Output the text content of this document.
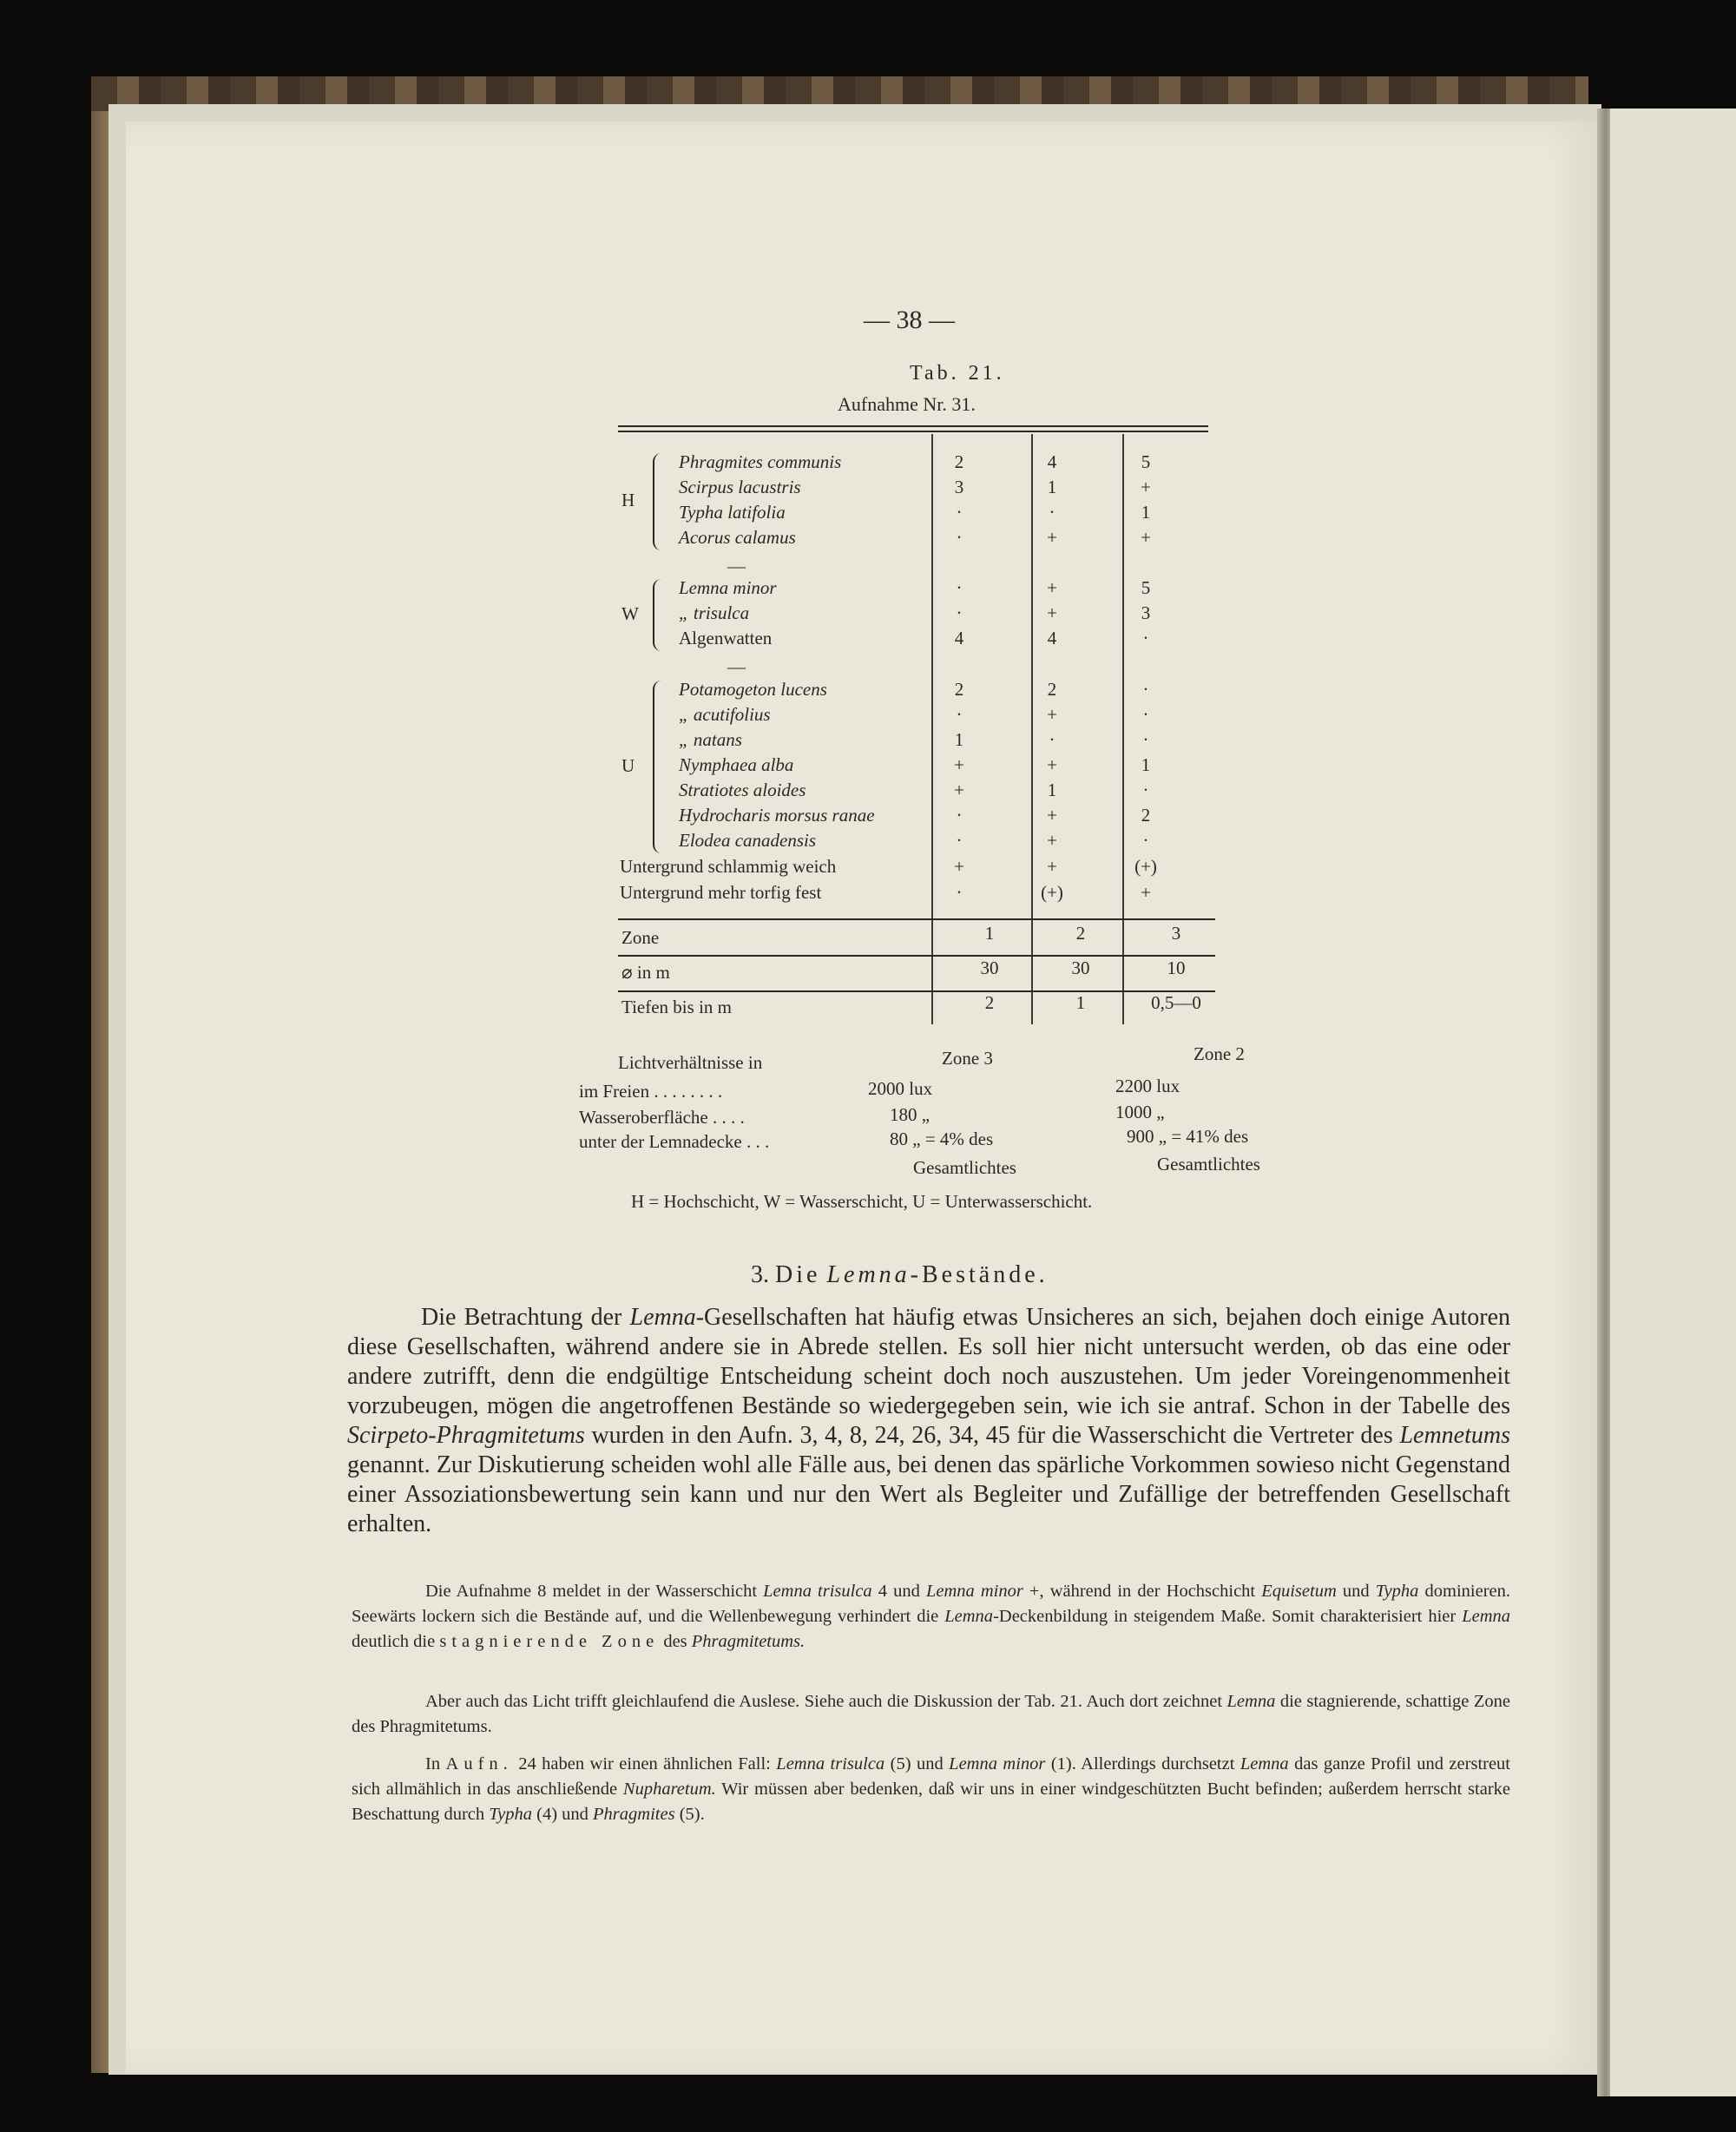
— 38 —
Tab. 21.
Aufnahme Nr. 31.
H
Phragmites communis	2	4	5
Scirpus lacustris	3	1	+
Typha latifolia	·	·	1
Acorus calamus	·	+	+
W
Lemna minor	·	+	5
„ trisulca	·	+	3
Algenwatten	4	4	·
U
Potamogeton lucens	2	2	·
„ acutifolius	·	+	·
„ natans	1	·	·
Nymphaea alba	+	+	1
Stratiotes aloides	+	1	·
Hydrocharis morsus ranae	·	+	2
Elodea canadensis	·	+	·
—
—
Untergrund schlammig weich	+	+	(+)
Untergrund mehr torfig fest	·	(+)	+
Zone	1	2	3
⌀ in m	30	30	10
Tiefen bis in m	2	1	0,5—0
Lichtverhältnisse in	Zone 3	Zone 2
im Freien . . . . . . . .	2000 lux	2200 lux
Wasseroberfläche . . . .	180 „	1000 „
unter der Lemnadecke . . .	80 „ = 4% des	900 „ = 41% des
Gesamtlichtes	Gesamtlichtes
H = Hochschicht, W = Wasserschicht, U = Unterwasserschicht.
3. Die Lemna-Bestände.
Die Betrachtung der Lemna-Gesellschaften hat häufig etwas Unsicheres an sich, bejahen doch einige Autoren diese Gesellschaften, während andere sie in Abrede stellen. Es soll hier nicht untersucht werden, ob das eine oder andere zutrifft, denn die endgültige Entscheidung scheint doch noch auszustehen. Um jeder Voreingenommenheit vorzubeugen, mögen die angetroffenen Bestände so wiedergegeben sein, wie ich sie antraf. Schon in der Tabelle des Scirpeto-Phragmitetums wurden in den Aufn. 3, 4, 8, 24, 26, 34, 45 für die Wasserschicht die Vertreter des Lemnetums genannt. Zur Diskutierung scheiden wohl alle Fälle aus, bei denen das spärliche Vorkommen sowieso nicht Gegenstand einer Assoziationsbewertung sein kann und nur den Wert als Begleiter und Zufällige der betreffenden Gesellschaft erhalten.
Die Aufnahme 8 meldet in der Wasserschicht Lemna trisulca 4 und Lemna minor +, während in der Hochschicht Equisetum und Typha dominieren. Seewärts lockern sich die Bestände auf, und die Wellenbewegung verhindert die Lemna-Deckenbildung in steigendem Maße. Somit charakterisiert hier Lemna deutlich die stagnierende Zone des Phragmitetums.
Aber auch das Licht trifft gleichlaufend die Auslese. Siehe auch die Diskussion der Tab. 21. Auch dort zeichnet Lemna die stagnierende, schattige Zone des Phragmitetums.
In Aufn. 24 haben wir einen ähnlichen Fall: Lemna trisulca (5) und Lemna minor (1). Allerdings durchsetzt Lemna das ganze Profil und zerstreut sich allmählich in das anschließende Nupharetum. Wir müssen aber bedenken, daß wir uns in einer windgeschützten Bucht befinden; außerdem herrscht starke Beschattung durch Typha (4) und Phragmites (5).
